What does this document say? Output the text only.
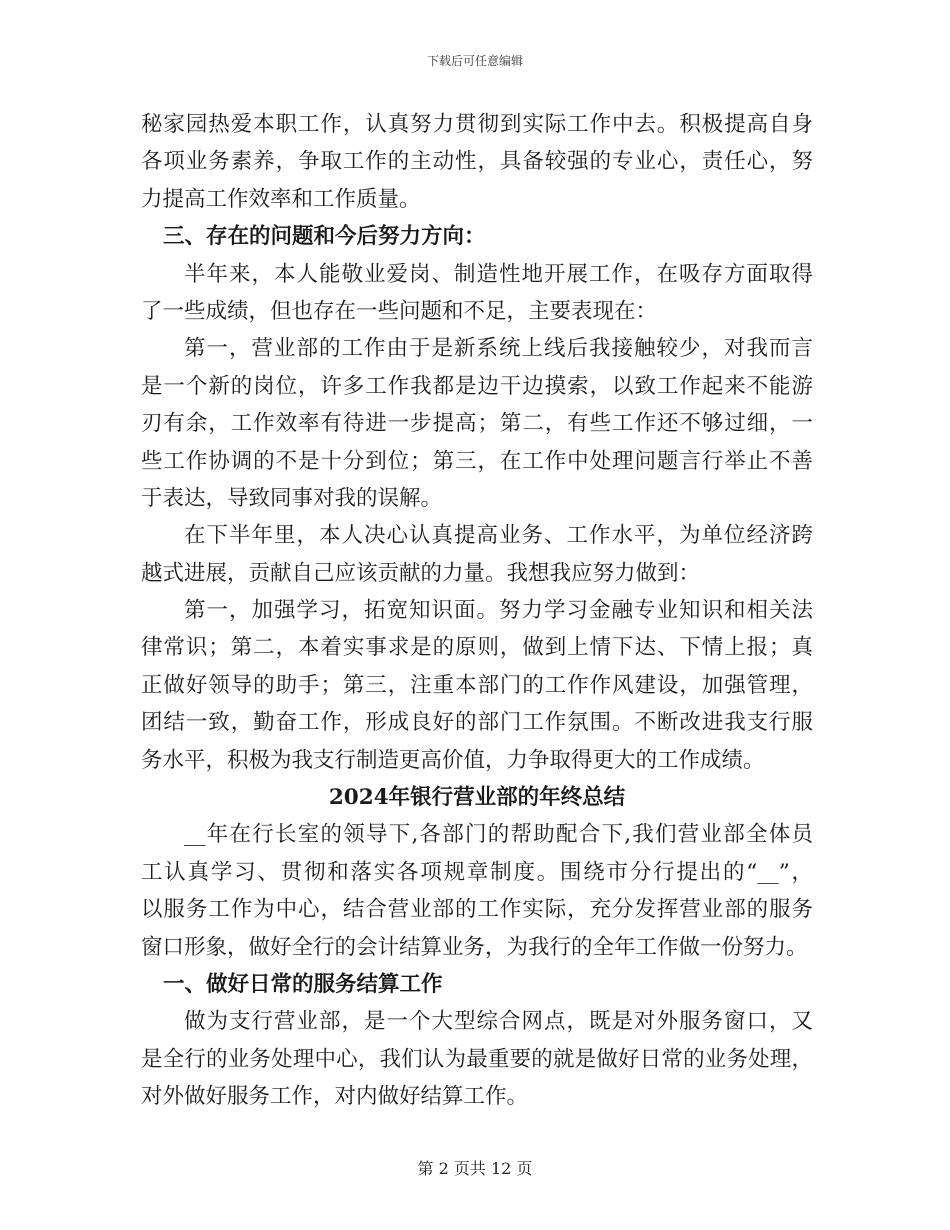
下载后可任意编辑
秘家园热爱本职工作，认真努力贯彻到实际工作中去。积极提高自身
各项业务素养，争取工作的主动性，具备较强的专业心，责任心，努
力提高工作效率和工作质量。
三、存在的问题和今后努力方向：
半年来，本人能敬业爱岗、制造性地开展工作，在吸存方面取得
了一些成绩，但也存在一些问题和不足，主要表现在：
第一，营业部的工作由于是新系统上线后我接触较少，对我而言
是一个新的岗位，许多工作我都是边干边摸索，以致工作起来不能游
刃有余，工作效率有待进一步提高；第二，有些工作还不够过细，一
些工作协调的不是十分到位；第三，在工作中处理问题言行举止不善
于表达，导致同事对我的误解。
在下半年里，本人决心认真提高业务、工作水平，为单位经济跨
越式进展，贡献自己应该贡献的力量。我想我应努力做到：
第一，加强学习，拓宽知识面。努力学习金融专业知识和相关法
律常识；第二，本着实事求是的原则，做到上情下达、下情上报；真
正做好领导的助手；第三，注重本部门的工作作风建设，加强管理，
团结一致，勤奋工作，形成良好的部门工作氛围。不断改进我支行服
务水平，积极为我支行制造更高价值，力争取得更大的工作成绩。
2024年银行营业部的年终总结
__年在行长室的领导下,各部门的帮助配合下,我们营业部全体员
工认真学习、贯彻和落实各项规章制度。围绕市分行提出的“__”，
以服务工作为中心，结合营业部的工作实际，充分发挥营业部的服务
窗口形象，做好全行的会计结算业务，为我行的全年工作做一份努力。
一、做好日常的服务结算工作
做为支行营业部，是一个大型综合网点，既是对外服务窗口，又
是全行的业务处理中心，我们认为最重要的就是做好日常的业务处理，
对外做好服务工作，对内做好结算工作。
第 2 页共 12 页
